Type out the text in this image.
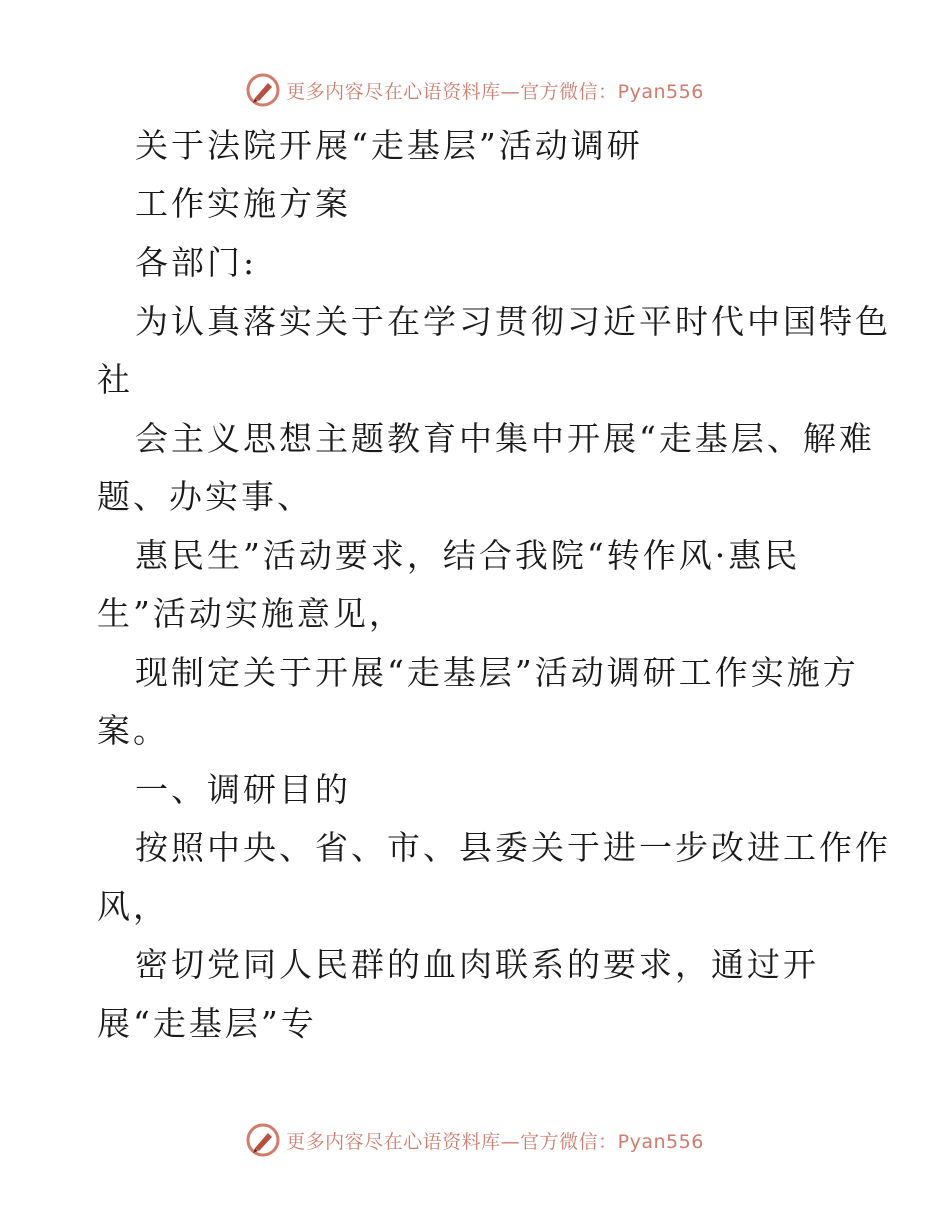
更多内容尽在心语资料库—官方微信：Pyan556

关于法院开展“走基层”活动调研

工作实施方案

各部门:

为认真落实关于在学习贯彻习近平时代中国特色

社

会主义思想主题教育中集中开展“走基层、解难

题、办实事、

惠民生”活动要求，结合我院“转作风·惠民

生”活动实施意见，

现制定关于开展“走基层”活动调研工作实施方

案。

一、调研目的

按照中央、省、市、县委关于进一步改进工作作

风，

密切党同人民群的血肉联系的要求，通过开

展“走基层”专

更多内容尽在心语资料库—官方微信：Pyan556
